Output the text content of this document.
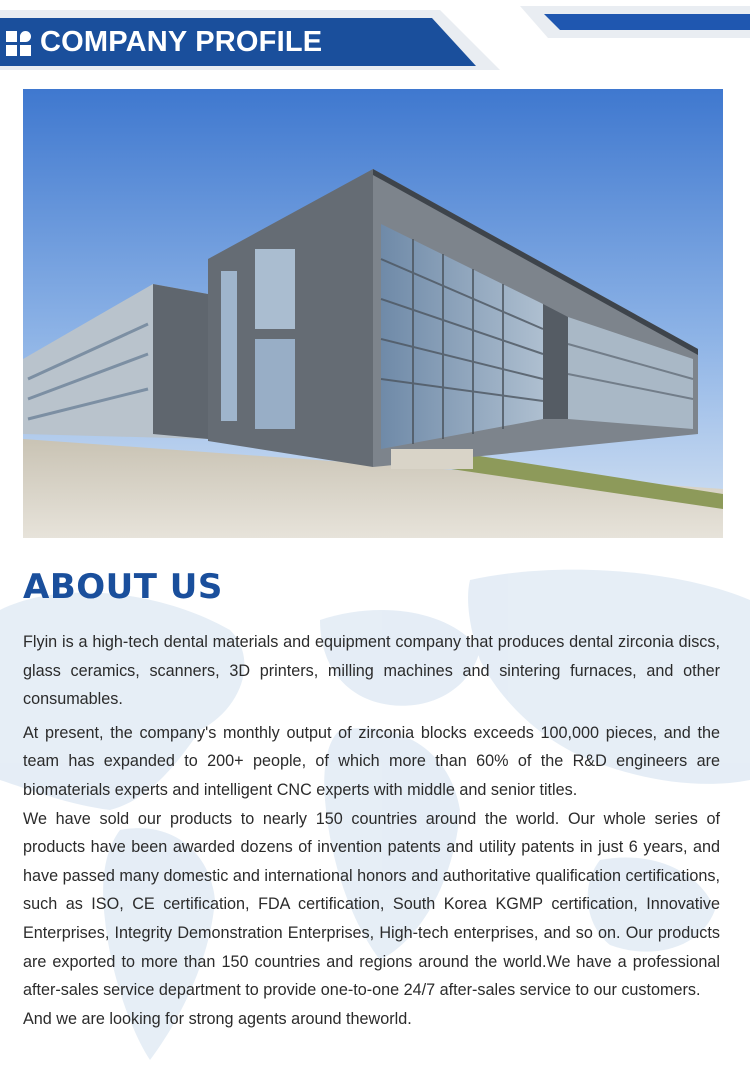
COMPANY PROFILE
ABOUT US

Flyin is a high-tech dental materials and equipment company that produces dental zirconia discs, glass ceramics, scanners, 3D printers, milling machines and sintering furnaces, and other consumables.

At present, the company's monthly output of zirconia blocks exceeds 100,000 pieces, and the team has expanded to 200+ people, of which more than 60% of the R&D engineers are biomaterials experts and intelligent CNC experts with middle and senior titles.

We have sold our products to nearly 150 countries around the world. Our whole series of products have been awarded dozens of invention patents and utility patents in just 6 years, and have passed many domestic and international honors and authoritative qualification certifications, such as ISO, CE certification, FDA certification, South Korea KGMP certification, Innovative Enterprises, Integrity Demonstration Enterprises, High-tech enterprises, and so on. Our products are exported to more than 150 countries and regions around the world.We have a professional after-sales service department to provide one-to-one 24/7 after-sales service to our customers.

And we are looking for strong agents around theworld.
